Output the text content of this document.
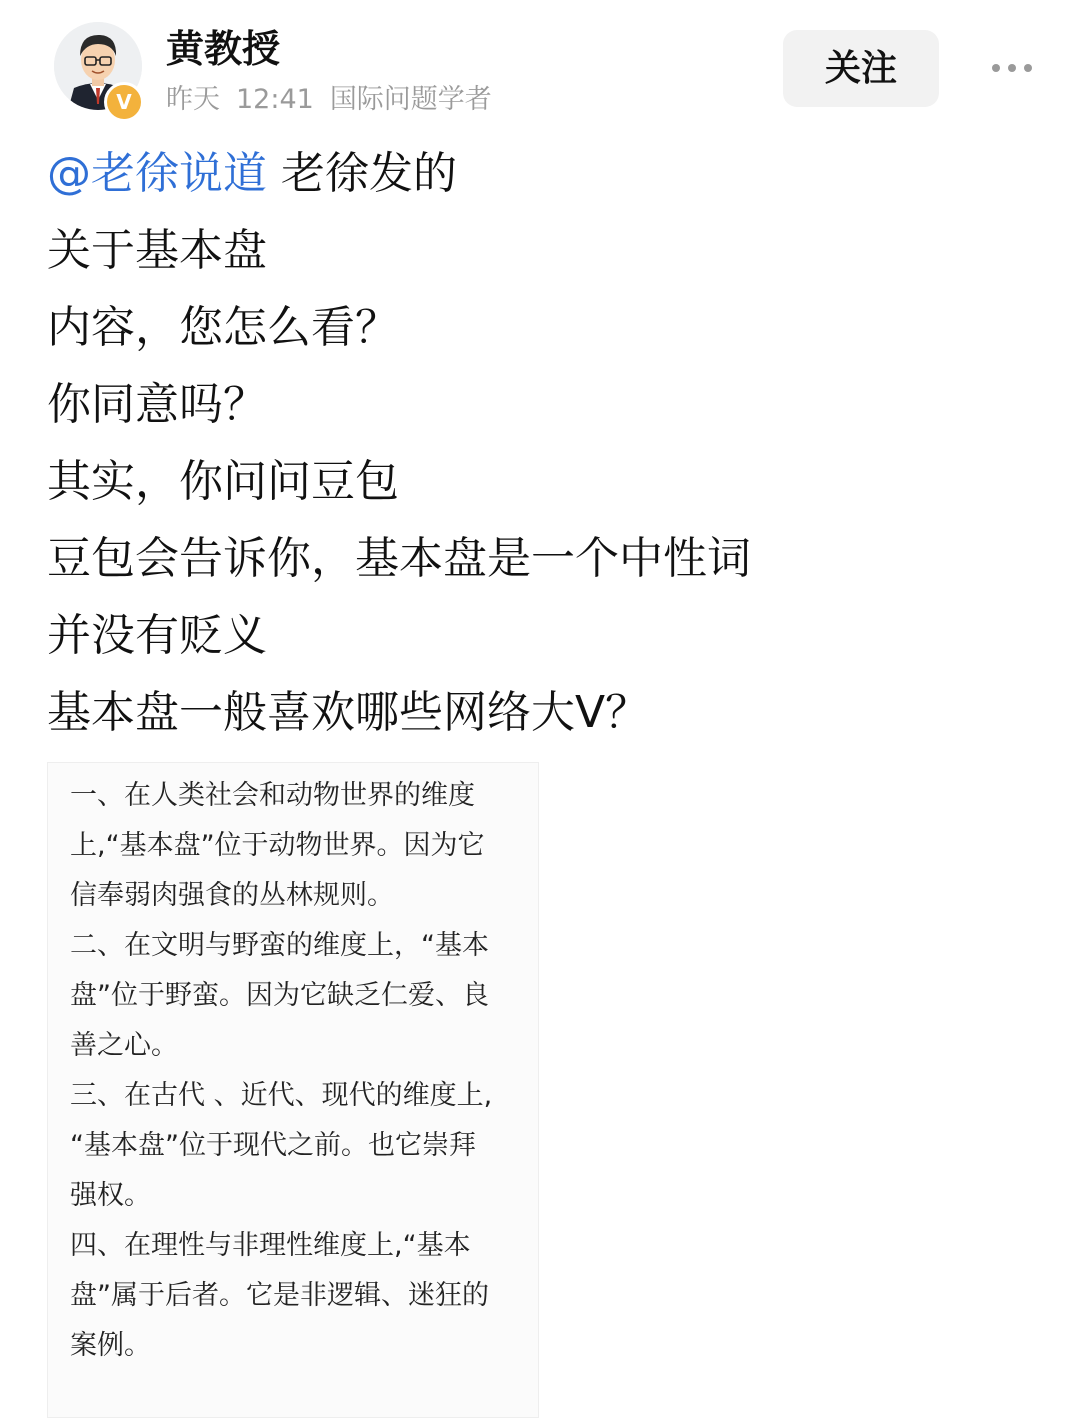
V
黄教授
昨天 12:41 国际问题学者
关注
@老徐说道 老徐发的
关于基本盘
内容，您怎么看？
你同意吗？
其实，你问问豆包
豆包会告诉你，基本盘是一个中性词
并没有贬义
基本盘一般喜欢哪些网络大V？
一、在人类社会和动物世界的维度
上,“基本盘”位于动物世界。因为它
信奉弱肉强食的丛林规则。
二、在文明与野蛮的维度上，“基本
盘”位于野蛮。因为它缺乏仁爱、良
善之心。
三、在古代 、近代、现代的维度上,
“基本盘”位于现代之前。也它崇拜
强权。
四、在理性与非理性维度上,“基本
盘”属于后者。它是非逻辑、迷狂的
案例。
